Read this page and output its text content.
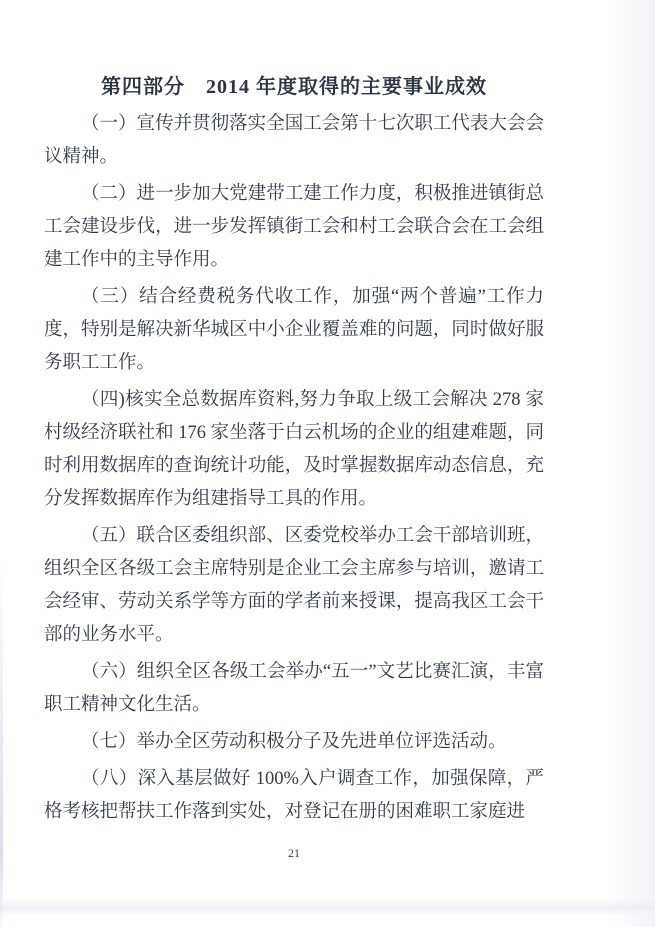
第四部分　2014 年度取得的主要事业成效

（一）宣传并贯彻落实全国工会第十七次职工代表大会会议精神。

（二）进一步加大党建带工建工作力度，积极推进镇街总工会建设步伐，进一步发挥镇街工会和村工会联合会在工会组建工作中的主导作用。

（三）结合经费税务代收工作，加强“两个普遍”工作力度，特别是解决新华城区中小企业覆盖难的问题，同时做好服务职工工作。

（四)核实全总数据库资料,努力争取上级工会解决 278 家村级经济联社和 176 家坐落于白云机场的企业的组建难题，同时利用数据库的查询统计功能，及时掌握数据库动态信息，充分发挥数据库作为组建指导工具的作用。

（五）联合区委组织部、区委党校举办工会干部培训班，组织全区各级工会主席特别是企业工会主席参与培训，邀请工会经审、劳动关系学等方面的学者前来授课，提高我区工会干部的业务水平。

（六）组织全区各级工会举办“五一”文艺比赛汇演，丰富职工精神文化生活。

（七）举办全区劳动积极分子及先进单位评选活动。

（八）深入基层做好 100%入户调查工作，加强保障，严格考核把帮扶工作落到实处，对登记在册的困难职工家庭进

21
